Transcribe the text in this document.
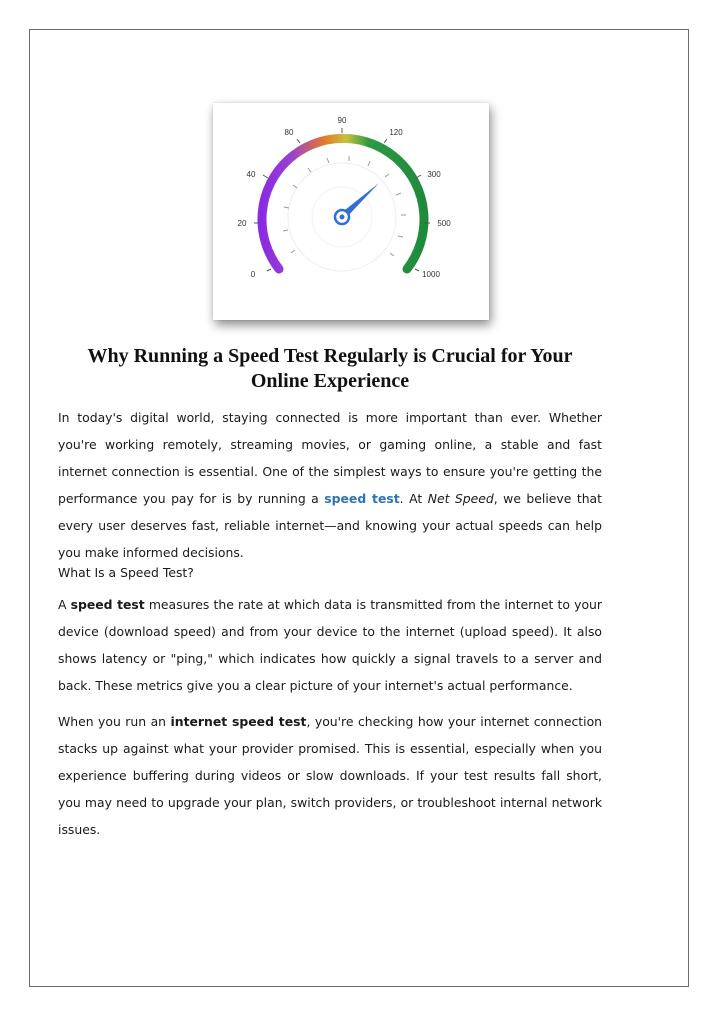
0
20
40
80
90
120
300
500
1000
Why Running a Speed Test Regularly is Crucial for Your Online Experience

In today's digital world, staying connected is more important than ever. Whether you're working remotely, streaming movies, or gaming online, a stable and fast internet connection is essential. One of the simplest ways to ensure you're getting the performance you pay for is by running a speed test. At Net Speed, we believe that every user deserves fast, reliable internet—and knowing your actual speeds can help you make informed decisions.

What Is a Speed Test?

A speed test measures the rate at which data is transmitted from the internet to your device (download speed) and from your device to the internet (upload speed). It also shows latency or "ping," which indicates how quickly a signal travels to a server and back. These metrics give you a clear picture of your internet's actual performance.

When you run an internet speed test, you're checking how your internet connection stacks up against what your provider promised. This is essential, especially when you experience buffering during videos or slow downloads. If your test results fall short, you may need to upgrade your plan, switch providers, or troubleshoot internal network issues.
